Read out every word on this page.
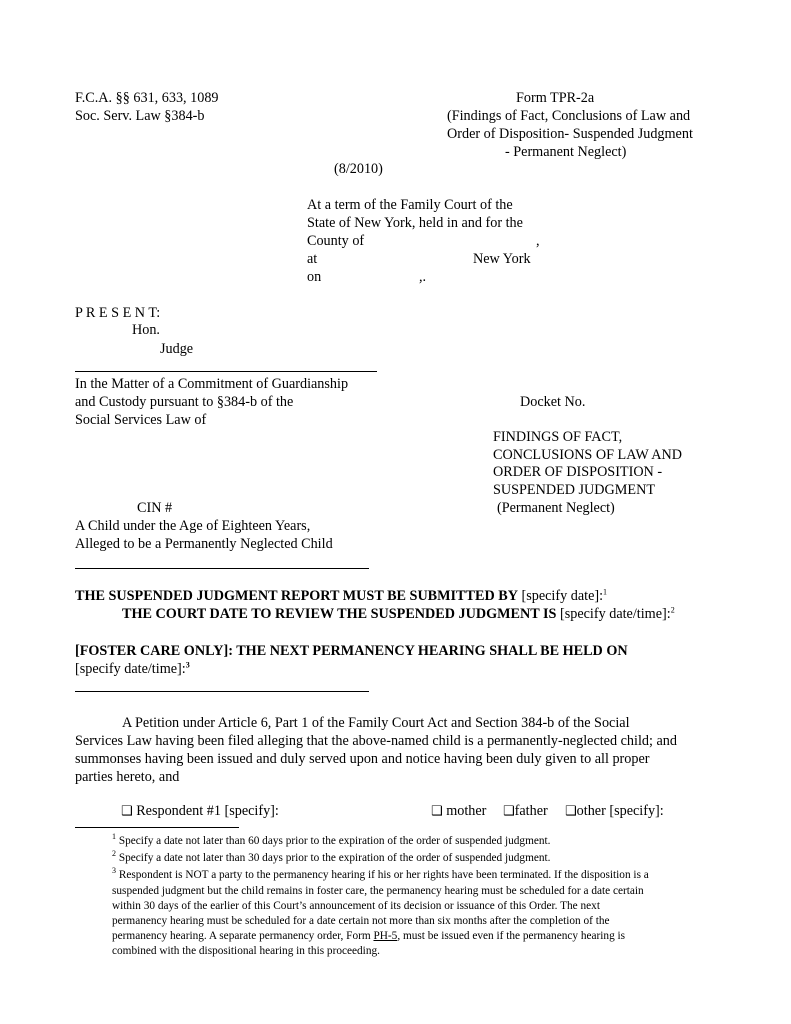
F.C.A. §§ 631, 633, 1089
Soc. Serv. Law §384-b
Form TPR-2a
(Findings of Fact, Conclusions of Law and
Order of Disposition- Suspended Judgment
- Permanent Neglect)
(8/2010)
At a term of the Family Court of the
State of New York, held in and for the
County of	,
at	New York
on	,.
P R E S E N T:
Hon.
Judge
In the Matter of a Commitment of Guardianship
and Custody pursuant to §384-b of the
Social Services Law of
Docket No.
FINDINGS OF FACT,
CONCLUSIONS OF LAW AND
ORDER OF DISPOSITION -
SUSPENDED JUDGMENT
(Permanent Neglect)
CIN #
A Child under the Age of Eighteen Years,
Alleged to be a Permanently Neglected Child
THE SUSPENDED JUDGMENT REPORT MUST BE SUBMITTED BY [specify date]:$^1$
THE COURT DATE TO REVIEW THE SUSPENDED JUDGMENT IS [specify date/time]:$^2$
[FOSTER CARE ONLY]: THE NEXT PERMANENCY HEARING SHALL BE HELD ON
[specify date/time]:$^3$
A Petition under Article 6, Part 1 of the Family Court Act and Section 384-b of the Social
Services Law having been filed alleging that the above-named child is a permanently-neglected child; and
summonses having been issued and duly served upon and notice having been duly given to all proper
parties hereto, and
❑ Respondent #1 [specify]:	❑ mother ❑father ❑other [specify]:
$^1$ Specify a date not later than 60 days prior to the expiration of the order of suspended judgment.
$^2$ Specify a date not later than 30 days prior to the expiration of the order of suspended judgment.
$^3$ Respondent is NOT a party to the permanency hearing if his or her rights have been terminated. If the disposition is a
suspended judgment but the child remains in foster care, the permanency hearing must be scheduled for a date certain
within 30 days of the earlier of this Court’s announcement of its decision or issuance of this Order. The next
permanency hearing must be scheduled for a date certain not more than six months after the completion of the
permanency hearing. A separate permanency order, Form PH-5, must be issued even if the permanency hearing is
combined with the dispositional hearing in this proceeding.
